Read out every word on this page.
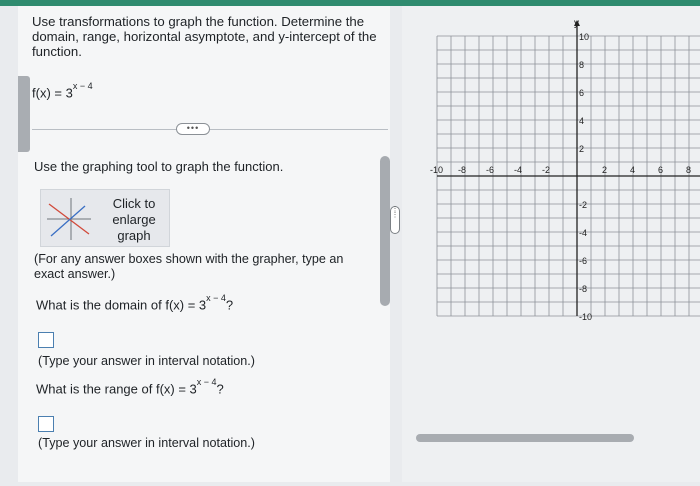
Use transformations to graph the function. Determine the domain, range, horizontal asymptote, and y-intercept of the function.
$f(x) = 3^{x - 4}$
•••
Use the graphing tool to graph the function.
Click to enlarge graph
(For any answer boxes shown with the grapher, type an exact answer.)
What is the domain of $f(x) = 3^{x - 4}$?
(Type your answer in interval notation.)
What is the range of $f(x) = 3^{x - 4}$?
(Type your answer in interval notation.)
⋮
⋮
-10 -8 -6 -4 -2	2	4	6	8
10
8
6
4
2
-2
-4
-6
-8
-10
y
